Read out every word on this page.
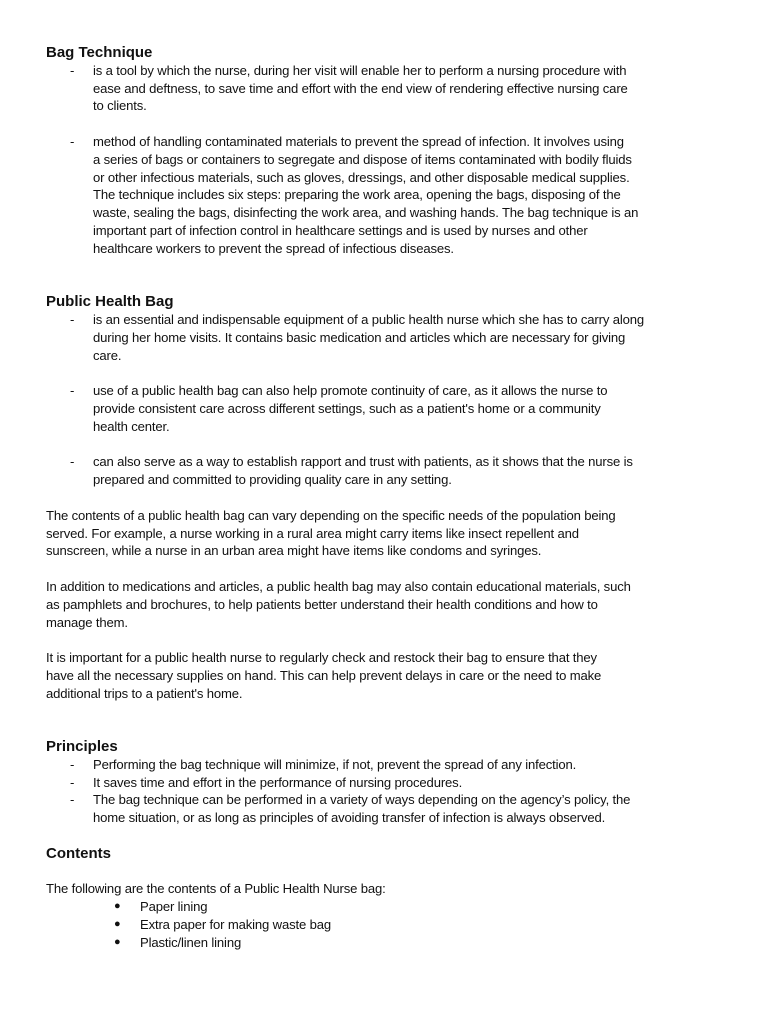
Bag Technique
- is a tool by which the nurse, during her visit will enable her to perform a nursing procedure with
ease and deftness, to save time and effort with the end view of rendering effective nursing care
to clients.
- method of handling contaminated materials to prevent the spread of infection. It involves using
a series of bags or containers to segregate and dispose of items contaminated with bodily fluids
or other infectious materials, such as gloves, dressings, and other disposable medical supplies.
The technique includes six steps: preparing the work area, opening the bags, disposing of the
waste, sealing the bags, disinfecting the work area, and washing hands. The bag technique is an
important part of infection control in healthcare settings and is used by nurses and other
healthcare workers to prevent the spread of infectious diseases.
Public Health Bag
- is an essential and indispensable equipment of a public health nurse which she has to carry along
during her home visits. It contains basic medication and articles which are necessary for giving
care.
- use of a public health bag can also help promote continuity of care, as it allows the nurse to
provide consistent care across different settings, such as a patient's home or a community
health center.
- can also serve as a way to establish rapport and trust with patients, as it shows that the nurse is
prepared and committed to providing quality care in any setting.
The contents of a public health bag can vary depending on the specific needs of the population being
served. For example, a nurse working in a rural area might carry items like insect repellent and
sunscreen, while a nurse in an urban area might have items like condoms and syringes.
In addition to medications and articles, a public health bag may also contain educational materials, such
as pamphlets and brochures, to help patients better understand their health conditions and how to
manage them.
It is important for a public health nurse to regularly check and restock their bag to ensure that they
have all the necessary supplies on hand. This can help prevent delays in care or the need to make
additional trips to a patient's home.
Principles
- Performing the bag technique will minimize, if not, prevent the spread of any infection.
- It saves time and effort in the performance of nursing procedures.
- The bag technique can be performed in a variety of ways depending on the agency’s policy, the
home situation, or as long as principles of avoiding transfer of infection is always observed.
Contents
The following are the contents of a Public Health Nurse bag:
● Paper lining
● Extra paper for making waste bag
● Plastic/linen lining
